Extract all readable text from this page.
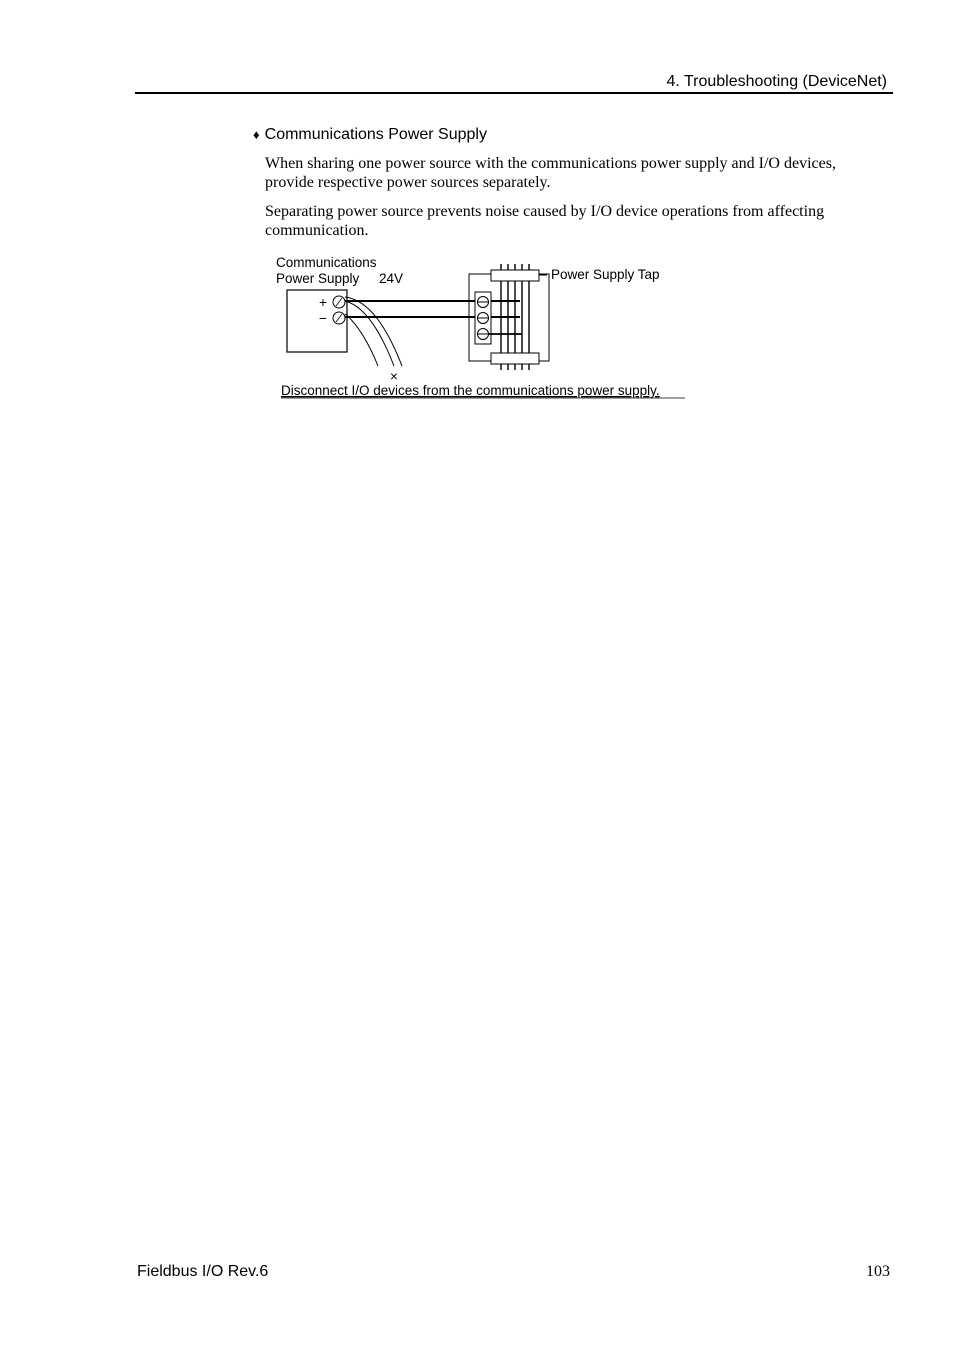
4. Troubleshooting (DeviceNet)
♦ Communications Power Supply
When sharing one power source with the communications power supply and I/O devices, provide respective power sources separately.
Separating power source prevents noise caused by I/O device operations from affecting communication.
Communications
Power Supply 24V	Power Supply Tap
+
−
×
Disconnect I/O devices from the communications power supply.
Fieldbus I/O Rev.6	103
